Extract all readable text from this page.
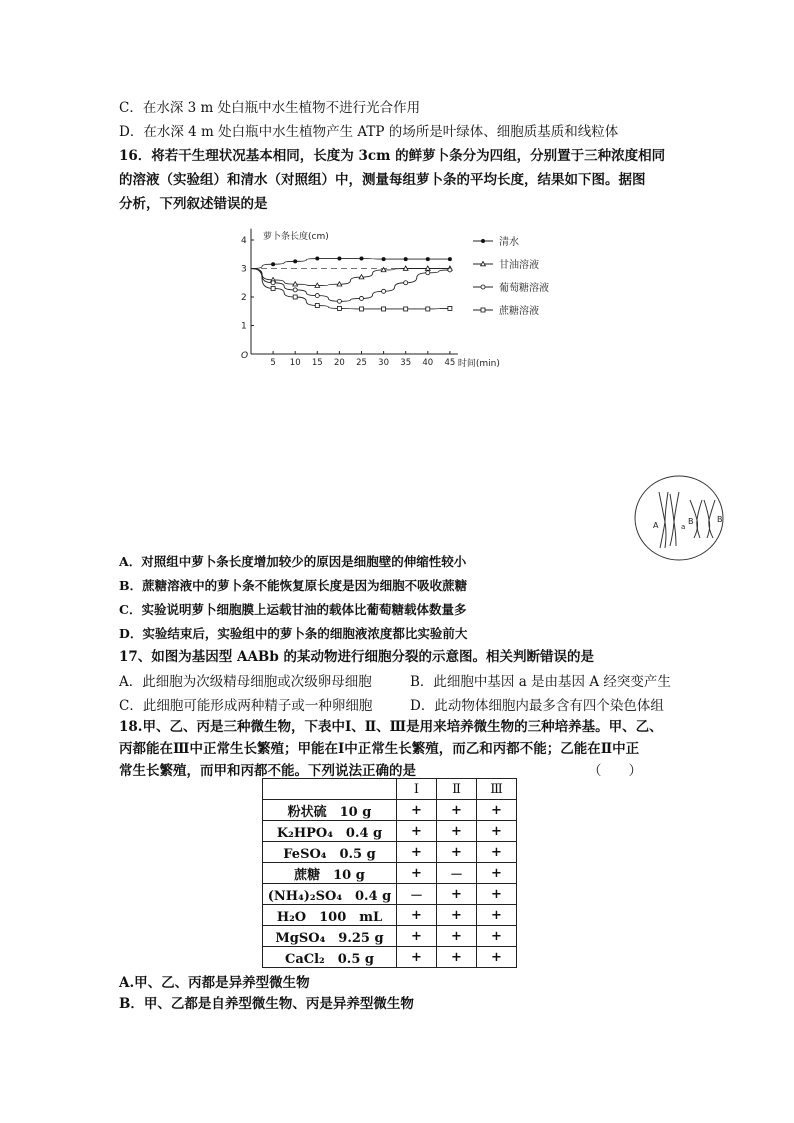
C．在水深 3 m 处白瓶中水生植物不进行光合作用
D．在水深 4 m 处白瓶中水生植物产生 ATP 的场所是叶绿体、细胞质基质和线粒体
16．将若干生理状况基本相同，长度为 3cm 的鲜萝卜条分为四组，分别置于三种浓度相同
的溶液（实验组）和清水（对照组）中，测量每组萝卜条的平均长度，结果如下图。据图
分析，下列叙述错误的是
O
1
2
3
4
5 10 15 20 25 30 35 40 45
萝卜条长度(cm)
时间(min)
清水
甘油溶液
葡萄糖溶液
蔗糖溶液
A	a
B	B
A．对照组中萝卜条长度增加较少的原因是细胞壁的伸缩性较小
B．蔗糖溶液中的萝卜条不能恢复原长度是因为细胞不吸收蔗糖
C．实验说明萝卜细胞膜上运载甘油的载体比葡萄糖载体数量多
D．实验结束后，实验组中的萝卜条的细胞液浓度都比实验前大
17、如图为基因型 AABb 的某动物进行细胞分裂的示意图。相关判断错误的是
A．此细胞为次级精母细胞或次级卵母细胞	B．此细胞中基因 a 是由基因 A 经突变产生
C．此细胞可能形成两种精子或一种卵细胞	D．此动物体细胞内最多含有四个染色体组
18.甲、乙、丙是三种微生物，下表中Ⅰ、Ⅱ、Ⅲ是用来培养微生物的三种培养基。甲、乙、
丙都能在Ⅲ中正常生长繁殖；甲能在Ⅰ中正常生长繁殖，而乙和丙都不能；乙能在Ⅱ中正
常生长繁殖，而甲和丙都不能。下列说法正确的是	（　　）
	Ⅰ	Ⅱ	Ⅲ
粉状硫　10 g	+	+	+
K₂HPO₄　0.4 g	+	+	+
FeSO₄　0.5 g	+	+	+
蔗糖　10 g	+	－	+
(NH₄)₂SO₄　0.4 g	－	+	+
H₂O　100　mL	+	+	+
MgSO₄　9.25 g	+	+	+
CaCl₂　0.5 g	+	+	+
A.甲、乙、丙都是异养型微生物
B．甲、乙都是自养型微生物、丙是异养型微生物
